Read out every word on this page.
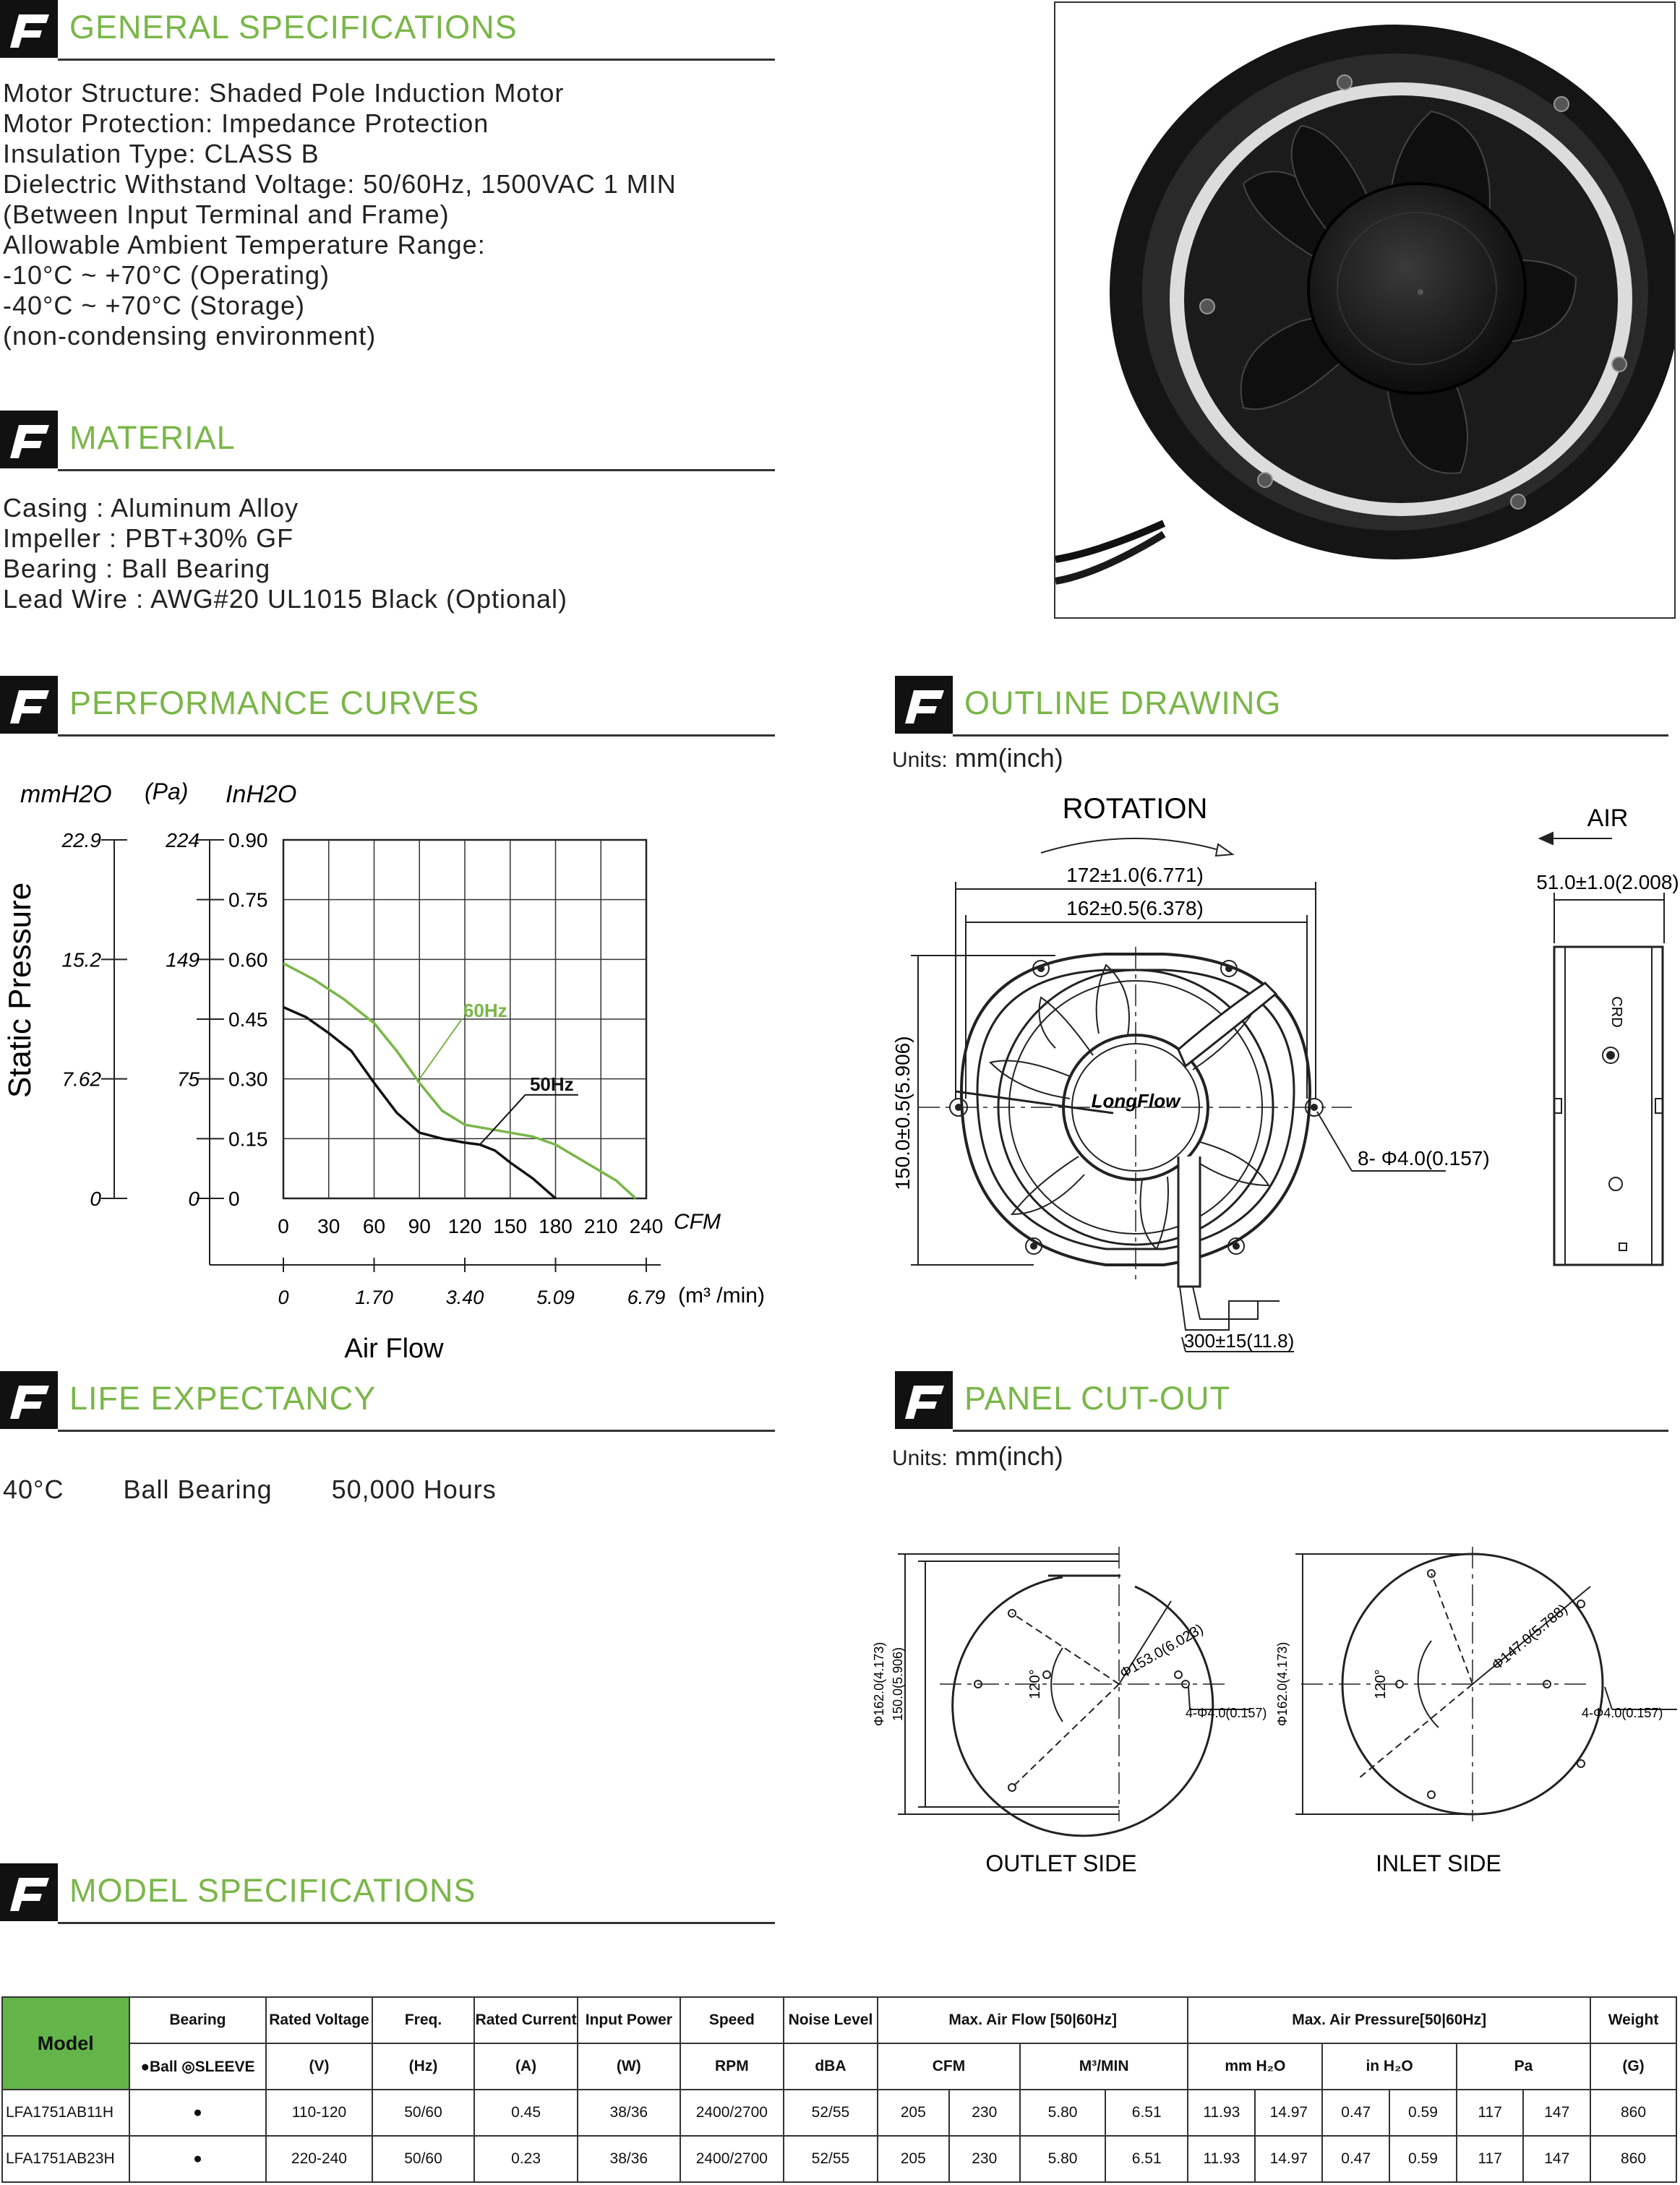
GENERAL SPECIFICATIONS
Motor Structure: Shaded Pole Induction Motor
Motor Protection: Impedance Protection
Insulation Type: CLASS B
Dielectric Withstand Voltage: 50/60Hz, 1500VAC 1 MIN
(Between Input Terminal and Frame)
Allowable Ambient Temperature Range:
-10°C ~ +70°C (Operating)
-40°C ~ +70°C (Storage)
(non-condensing environment)
MATERIAL
Casing : Aluminum Alloy
Impeller : PBT+30% GF
Bearing : Ball Bearing
Lead Wire : AWG#20 UL1015 Black (Optional)
PERFORMANCE CURVES
mmH2O (Pa) InH2O
Static Pressure
Air Flow
CFM
(m³ /min)
0 30 60 90 120 150 180 210 240
0
0.15
0.30
0.45
0.60
0.75
0.90
0
7.62
15.2
22.9
0
75
149
224
0	1.70	3.40	5.09	6.79
60Hz
50Hz
OUTLINE DRAWING
Units: mm(inch)
ROTATION	AIR
172±1.0(6.771)
162±0.5(6.378)
150.0±0.5(5.906)
51.0±1.0(2.008)
8- Φ4.0(0.157)
300±15(11.8)
LongFlow
CRD
LIFE EXPECTANCY
40°C Ball Bearing 50,000 Hours
PANEL CUT-OUT
Units: mm(inch)
Φ162.0(4.173) 150.0(5.906)	Φ153.0(6.023)
120°
4-Φ4.0(0.157) Φ162.0(4.173)
Φ147.0(5.788)
120°
4-Φ4.0(0.157)
OUTLET SIDE	INLET SIDE
MODEL SPECIFICATIONS
Model	Bearing	Rated Voltage	Freq.	Rated Current	Input Power	Speed	Noise Level	Max. Air Flow [50|60Hz]				Max. Air Pressure[50|60Hz]						Weight
	●Ball ◎SLEEVE	(V)	(Hz)	(A)	(W)	RPM	dBA	CFM		M³/MIN		mm H₂O		in H₂O		Pa		(G)
LFA1751AB11H	●	110-120	50/60	0.45	38/36	2400/2700	52/55	205	230	5.80	6.51	11.93	14.97	0.47	0.59	117	147	860
LFA1751AB23H	●	220-240	50/60	0.23	38/36	2400/2700	52/55	205	230	5.80	6.51	11.93	14.97	0.47	0.59	117	147	860
